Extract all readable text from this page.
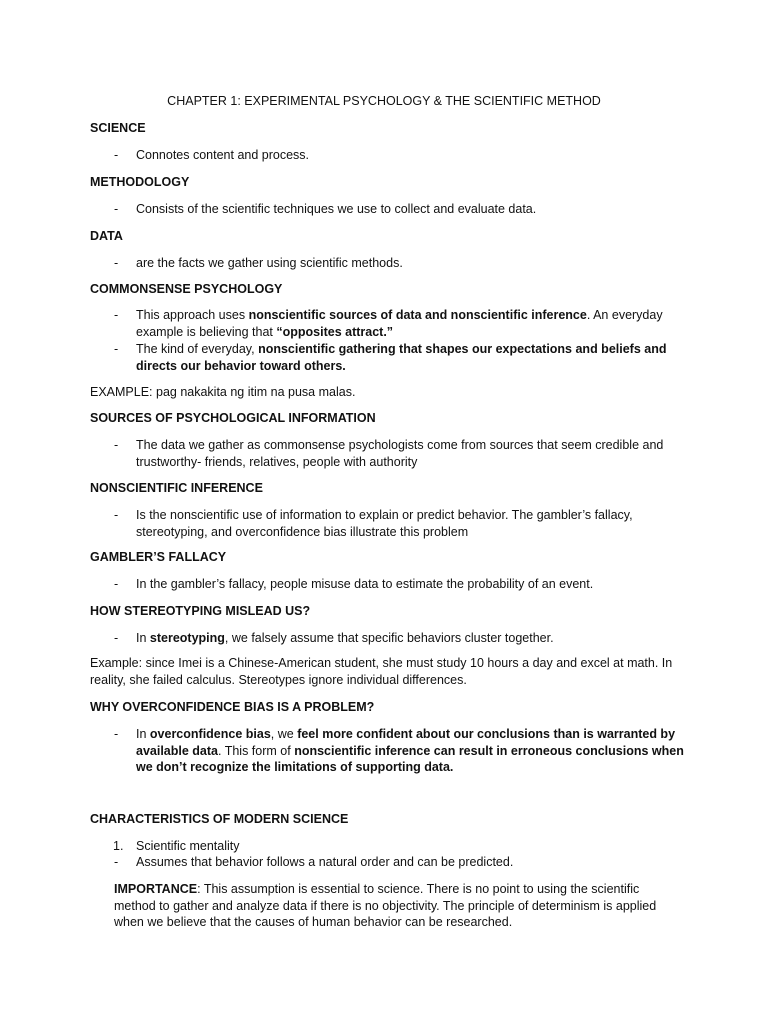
CHAPTER 1: EXPERIMENTAL PSYCHOLOGY & THE SCIENTIFIC METHOD
SCIENCE
-	Connotes content and process.
METHODOLOGY
-	Consists of the scientific techniques we use to collect and evaluate data.
DATA
-	are the facts we gather using scientific methods.
COMMONSENSE PSYCHOLOGY
-	This approach uses nonscientific sources of data and nonscientific inference. An everyday example is believing that “opposites attract.”
-	The kind of everyday, nonscientific gathering that shapes our expectations and beliefs and directs our behavior toward others.
EXAMPLE: pag nakakita ng itim na pusa malas.
SOURCES OF PSYCHOLOGICAL INFORMATION
-	The data we gather as commonsense psychologists come from sources that seem credible and trustworthy- friends, relatives, people with authority
NONSCIENTIFIC INFERENCE
-	Is the nonscientific use of information to explain or predict behavior. The gambler’s fallacy, stereotyping, and overconfidence bias illustrate this problem
GAMBLER’S FALLACY
-	In the gambler’s fallacy, people misuse data to estimate the probability of an event.
HOW STEREOTYPING MISLEAD US?
-	In stereotyping, we falsely assume that specific behaviors cluster together.
Example: since Imei is a Chinese-American student, she must study 10 hours a day and excel at math. In reality, she failed calculus. Stereotypes ignore individual differences.
WHY OVERCONFIDENCE BIAS IS A PROBLEM?
-	In overconfidence bias, we feel more confident about our conclusions than is warranted by available data. This form of nonscientific inference can result in erroneous conclusions when we don’t recognize the limitations of supporting data.
CHARACTERISTICS OF MODERN SCIENCE
1.	Scientific mentality
-	Assumes that behavior follows a natural order and can be predicted.
IMPORTANCE: This assumption is essential to science. There is no point to using the scientific method to gather and analyze data if there is no objectivity. The principle of determinism is applied when we believe that the causes of human behavior can be researched.
